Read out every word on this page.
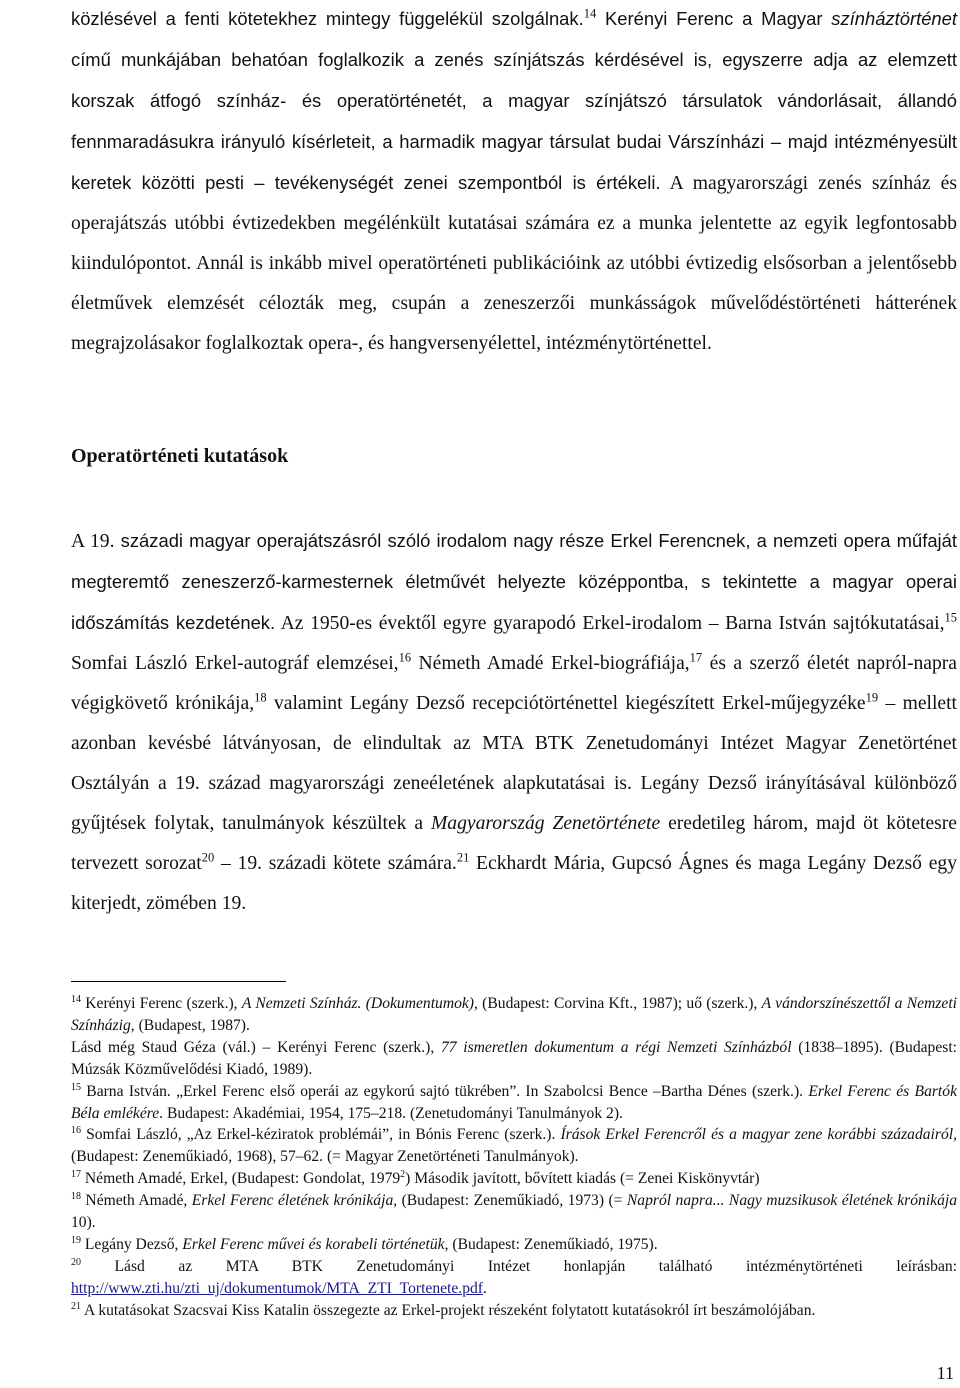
közlésével a fenti kötetekhez mintegy függelékül szolgálnak.$^{14}$ Kerényi Ferenc a Magyar színháztörténet című munkájában behatóan foglalkozik a zenés színjátszás kérdésével is, egyszerre adja az elemzett korszak átfogó színház- és operatörténetét, a magyar színjátszó társulatok vándorlásait, állandó fennmaradásukra irányuló kísérleteit, a harmadik magyar társulat budai Várszínházi – majd intézményesült keretek közötti pesti – tevékenységét zenei szempontból is értékeli. A magyarországi zenés színház és operajátszás utóbbi évtizedekben megélénkült kutatásai számára ez a munka jelentette az egyik legfontosabb kiindulópontot. Annál is inkább mivel operatörténeti publikációink az utóbbi évtizedig elsősorban a jelentősebb életművek elemzését célozták meg, csupán a zeneszerzői munkásságok művelődéstörténeti hátterének megrajzolásakor foglalkoztak opera-, és hangversenyélettel, intézménytörténettel.

Operatörténeti kutatások

A 19. századi magyar operajátszásról szóló irodalom nagy része Erkel Ferencnek, a nemzeti opera műfaját megteremtő zeneszerző-karmesternek életművét helyezte középpontba, s tekintette a magyar operai időszámítás kezdetének. Az 1950-es évektől egyre gyarapodó Erkel-irodalom – Barna István sajtókutatásai,$^{15}$ Somfai László Erkel-autográf elemzései,$^{16}$ Németh Amadé Erkel-biográfiája,$^{17}$ és a szerző életét napról-napra végigkövető krónikája,$^{18}$ valamint Legány Dezső recepciótörténettel kiegészített Erkel-műjegyzéke$^{19}$ – mellett azonban kevésbé látványosan, de elindultak az MTA BTK Zenetudományi Intézet Magyar Zenetörténet Osztályán a 19. század magyarországi zeneéletének alapkutatásai is. Legány Dezső irányításával különböző gyűjtések folytak, tanulmányok készültek a Magyarország Zenetörténete eredetileg három, majd öt kötetesre tervezett sorozat$^{20}$ – 19. századi kötete számára.$^{21}$ Eckhardt Mária, Gupcsó Ágnes és maga Legány Dezső egy kiterjedt, zömében 19.

$^{14}$ Kerényi Ferenc (szerk.), A Nemzeti Színház. (Dokumentumok), (Budapest: Corvina Kft., 1987); uő (szerk.), A vándorszínészettől a Nemzeti Színházig, (Budapest, 1987).

Lásd még Staud Géza (vál.) – Kerényi Ferenc (szerk.), 77 ismeretlen dokumentum a régi Nemzeti Színházból (1838–1895). (Budapest: Múzsák Közművelődési Kiadó, 1989).

$^{15}$ Barna István. „Erkel Ferenc első operái az egykorú sajtó tükrében”. In Szabolcsi Bence –Bartha Dénes (szerk.). Erkel Ferenc és Bartók Béla emlékére. Budapest: Akadémiai, 1954, 175–218. (Zenetudományi Tanulmányok 2).

$^{16}$ Somfai László, „Az Erkel-kéziratok problémái”, in Bónis Ferenc (szerk.). Írások Erkel Ferencről és a magyar zene korábbi századairól, (Budapest: Zeneműkiadó, 1968), 57–62. (= Magyar Zenetörténeti Tanulmányok).

$^{17}$ Németh Amadé, Erkel, (Budapest: Gondolat, 1979$^2$) Második javított, bővített kiadás (= Zenei Kiskönyvtár)

$^{18}$ Németh Amadé, Erkel Ferenc életének krónikája, (Budapest: Zeneműkiadó, 1973) (= Napról napra... Nagy muzsikusok életének krónikája 10).

$^{19}$ Legány Dezső, Erkel Ferenc művei és korabeli történetük, (Budapest: Zeneműkiadó, 1975).

$^{20}$ Lásd az MTA BTK Zenetudományi Intézet honlapján található intézménytörténeti leírásban: http://www.zti.hu/zti_uj/dokumentumok/MTA_ZTI_Tortenete.pdf.

$^{21}$ A kutatásokat Szacsvai Kiss Katalin összegezte az Erkel-projekt részeként folytatott kutatásokról írt beszámolójában.

11
